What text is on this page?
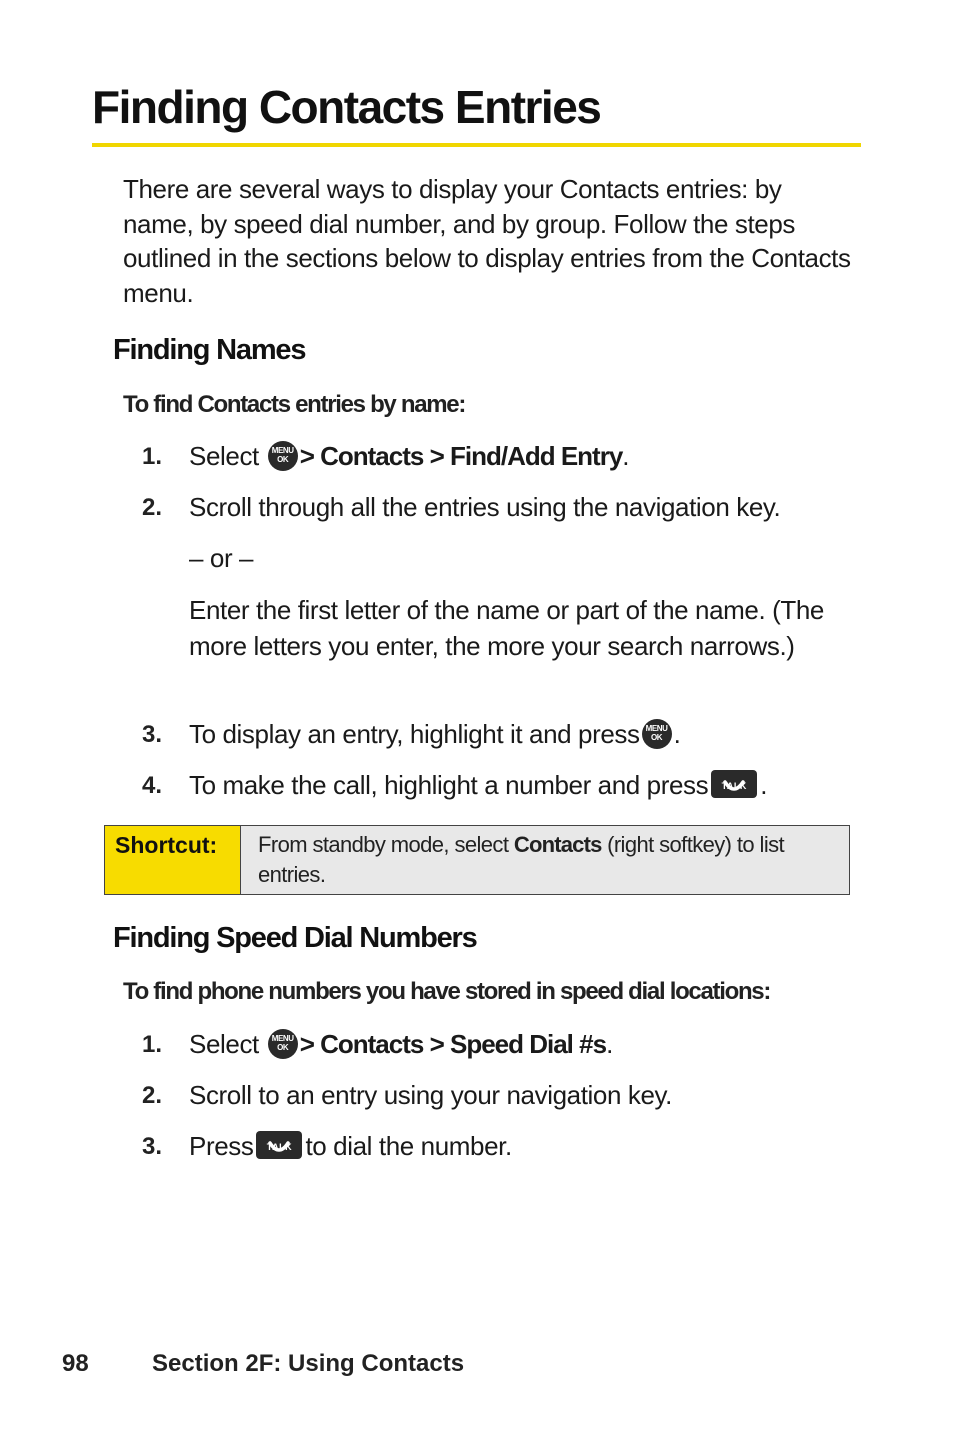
Finding Contacts Entries
There are several ways to display your Contacts entries: by name, by speed dial number, and by group. Follow the steps outlined in the sections below to display entries from the Contacts menu.
Finding Names
To find Contacts entries by name:
1. Select	MENU
OK > Contacts > Find/Add Entry.
2. Scroll through all the entries using the navigation key.
– or –
Enter the first letter of the name or part of the name. (The more letters you enter, the more your search narrows.)
3. To display an entry, highlight it and press MENU
OK .
4. To make the call, highlight a number and press	TALK .
Shortcut:	From standby mode, select Contacts (right softkey) to list entries.
Finding Speed Dial Numbers
To find phone numbers you have stored in speed dial locations:
1. Select	MENU
OK > Contacts > Speed Dial #s.
2. Scroll to an entry using your navigation key.
3. Press	TALK to dial the number.
98	Section 2F: Using Contacts
